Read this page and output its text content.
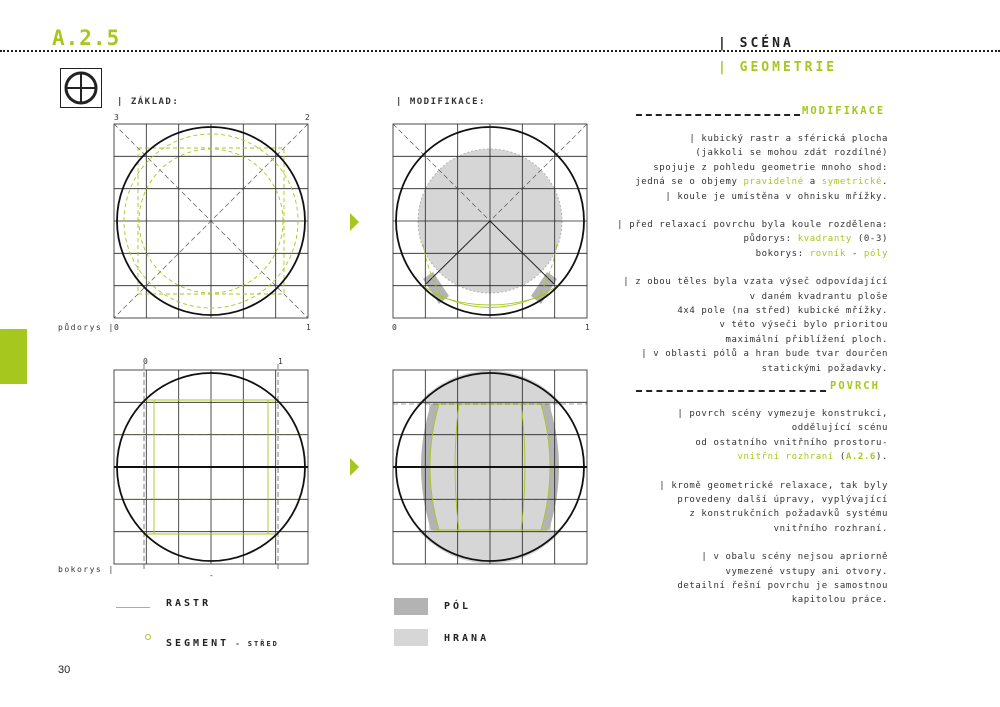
A.2.5	| SCÉNA
| GEOMETRIE
| ZÁKLAD:	| MODIFIKACE:
půdorys |
bokorys |
3	2
0	1	0	1
0	1
-
RASTR
SEGMENT - STŘED
PÓL
HRANA
30
MODIFIKACE
| kubický rastr a sférická plocha
(jakkoli se mohou zdát rozdílné)
spojuje z pohledu geometrie mnoho shod:
jedná se o objemy pravidelné a symetrické.
| koule je umístěna v ohnisku mřížky.
| před relaxací povrchu byla koule rozdělena:
půdorys: kvadranty (0-3)
bokorys: rovník - póly
| z obou těles byla vzata výseč odpovídající
v daném kvadrantu ploše
4x4 pole (na střed) kubické mřížky.
v této výseči bylo prioritou
maximální přiblížení ploch.
| v oblasti pólů a hran bude tvar dourčen
statickými požadavky.
POVRCH
| povrch scény vymezuje konstrukci,
oddělující scénu
od ostatního vnitřního prostoru-
vnitřní rozhraní (A.2.6).
| kromě geometrické relaxace, tak byly
provedeny další úpravy, vyplývající
z konstrukčních požadavků systému
vnitřního rozhraní.
| v obalu scény nejsou apriorně
vymezené vstupy ani otvory.
detailní řešní povrchu je samostnou
kapitolou práce.
